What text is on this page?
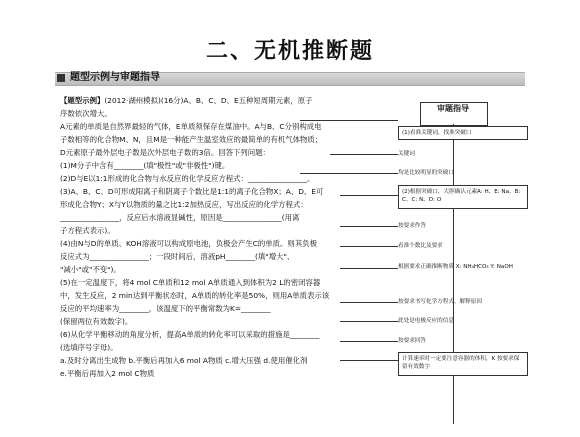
二、无机推断题
题型示例与审题指导
【题型示例】(2012·湖州模拟)(16分)A、B、C、D、E五种短周期元素，原子
序数依次增大。
A元素的单质是自然界最轻的气体，E单质须保存在煤油中。A与B、C分别构成电
子数相等的化合物M、N，且M是一种能产生温室效应的最简单的有机气体物质；
D元素原子最外层电子数是次外层电子数的3倍。回答下列问题：
(1)M分子中含有________(填"极性"或"非极性")键。
(2)D与E以1:1形成的化合物与水反应的化学反应方程式：________________。
(3)A、B、C、D可形成阳离子和阴离子个数比是1:1的离子化合物X；A、D、E可
形成化合物Y；X与Y以物质的量之比1:2加热反应，写出反应的化学方程式：
________________，反应后水溶液显碱性，原因是________________(用离
子方程式表示)。
(4)由N与D的单质、KOH溶液可以构成原电池，负极会产生C的单质。则其负极
反应式为________________；一段时间后，溶液pH________(填"增大"、
"减小"或"不变")。
(5)在一定温度下，将4 mol C单质和12 mol A单质通入到体积为2 L的密闭容器
中，发生反应，2 min达到平衡状态时，A单质的转化率是50%，则用A单质表示该
反应的平均速率为________，该温度下的平衡常数为K=________
(保留两位有效数字)。
(6)从化学平衡移动的角度分析，提高A单质的转化率可以采取的措施是________
(选填序号字母)。
a.及时分离出生成物 b.平衡后再加入6 mol A物质 c.增大压强 d.使用催化剂
e.平衡后再加入2 mol C物质
审题指导
(1)看准关键词，找准突破口
关键词
均是比较明显的突破口
(2)根据突破口，大胆确认元素A: H、E: Na、B: C、C: N、D: O
按要求作答
看准个数比及要求
根据要求正确推断物质 X: NH₄HCO₃ Y: NaOH
按要求书写化学方程式，解释原因
此处是电极反应的信息
按要求回答
计算速率时一定要注意容器的体积，K 按要求保留有效数字
